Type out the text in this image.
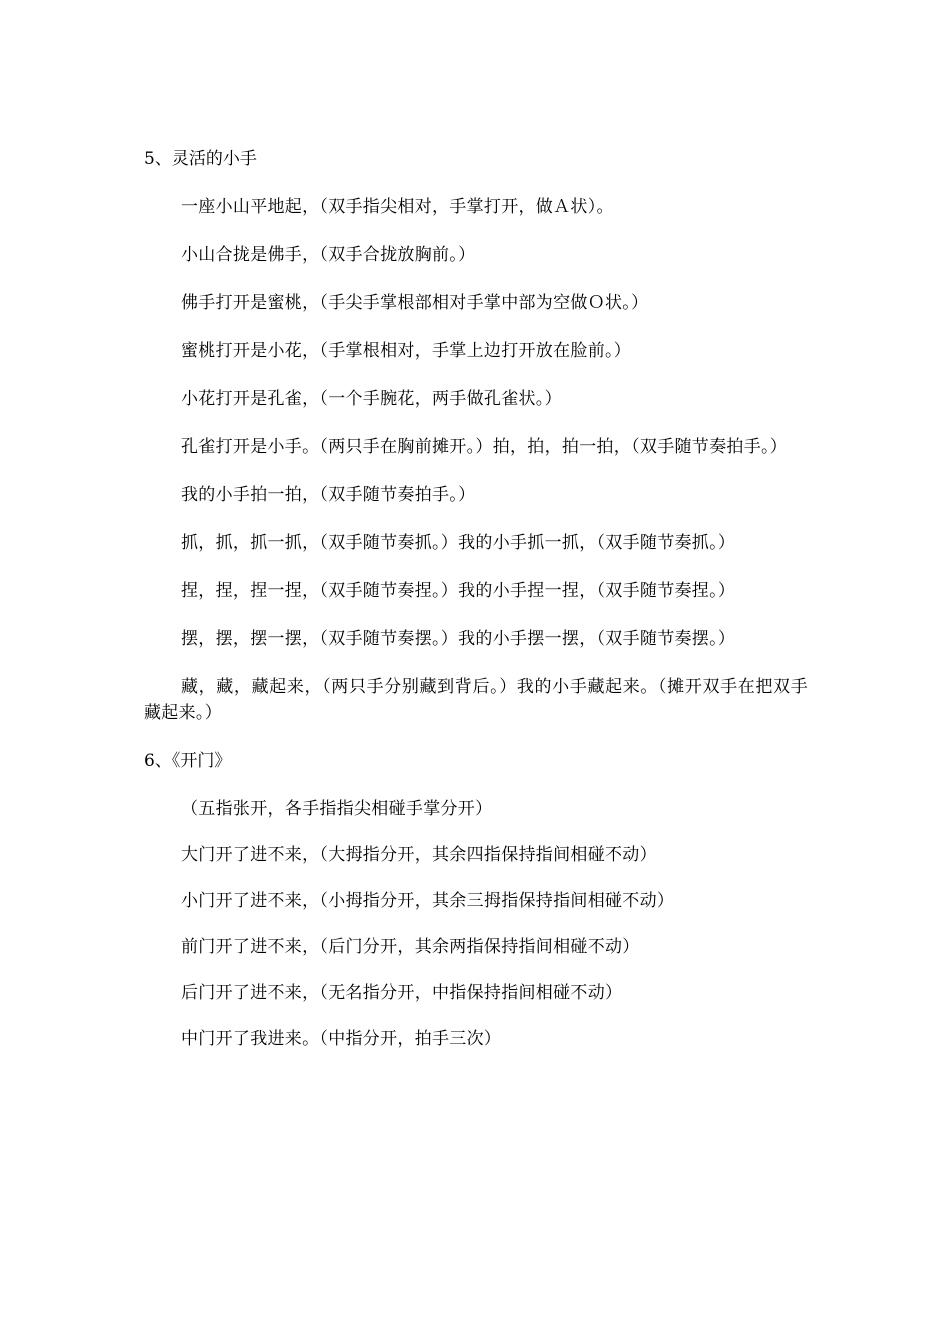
5、灵活的小手

一座小山平地起，（双手指尖相对，手掌打开，做Ａ状）。

小山合拢是佛手，（双手合拢放胸前。）

佛手打开是蜜桃，（手尖手掌根部相对手掌中部为空做Ｏ状。）

蜜桃打开是小花，（手掌根相对，手掌上边打开放在脸前。）

小花打开是孔雀，（一个手腕花，两手做孔雀状。）

孔雀打开是小手。（两只手在胸前摊开。）拍，拍，拍一拍，（双手随节奏拍手。）

我的小手拍一拍，（双手随节奏拍手。）

抓，抓，抓一抓，（双手随节奏抓。）我的小手抓一抓，（双手随节奏抓。）

捏，捏，捏一捏，（双手随节奏捏。）我的小手捏一捏，（双手随节奏捏。）

摆，摆，摆一摆，（双手随节奏摆。）我的小手摆一摆，（双手随节奏摆。）

藏，藏，藏起来，（两只手分别藏到背后。）我的小手藏起来。（摊开双手在把双手藏起来。）

6、《开门》

（五指张开，各手指指尖相碰手掌分开）

大门开了进不来，（大拇指分开，其余四指保持指间相碰不动）

小门开了进不来，（小拇指分开，其余三拇指保持指间相碰不动）

前门开了进不来，（后门分开，其余两指保持指间相碰不动）

后门开了进不来，（无名指分开，中指保持指间相碰不动）

中门开了我进来。（中指分开，拍手三次）
